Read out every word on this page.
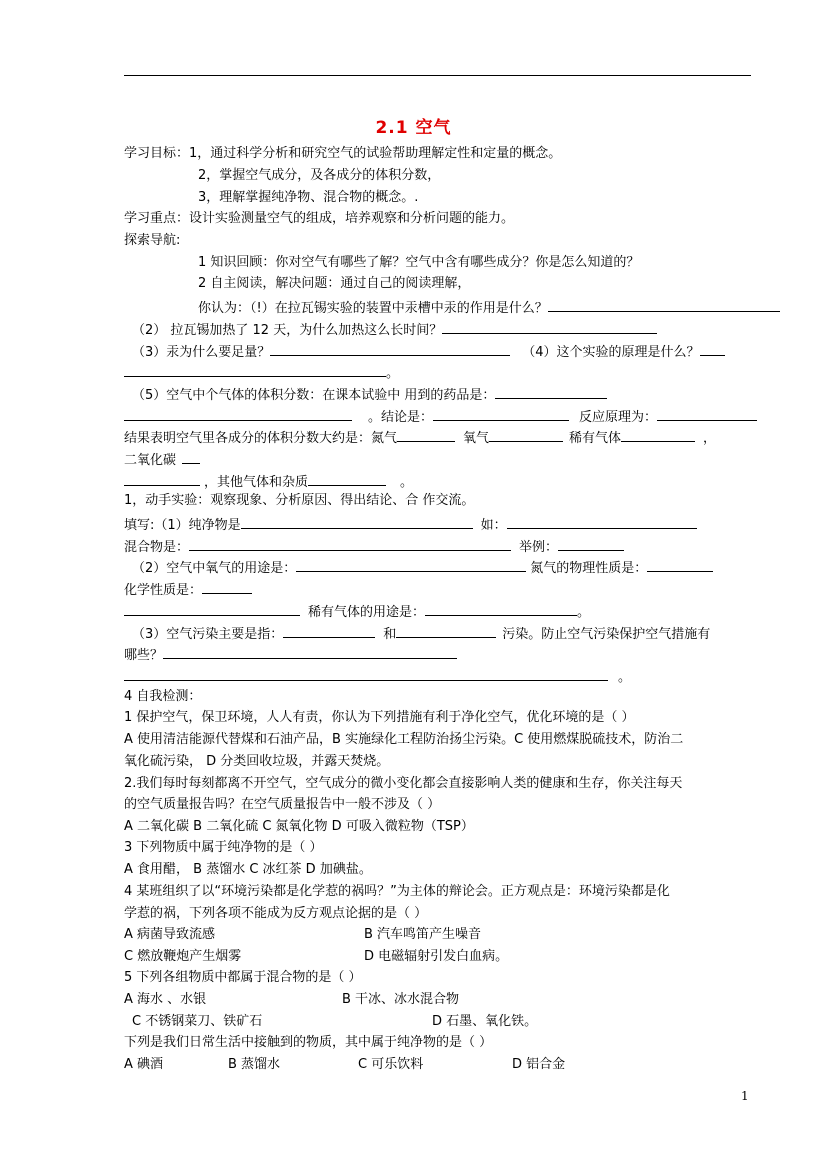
2.1 空气
学习目标：1，通过科学分析和研究空气的试验帮助理解定性和定量的概念。
2，掌握空气成分，及各成分的体积分数，
3，理解掌握纯净物、混合物的概念。.
学习重点：设计实验测量空气的组成，培养观察和分析问题的能力。
探索导航:
1 知识回顾：你对空气有哪些了解？空气中含有哪些成分？你是怎么知道的？
2 自主阅读，解决问题：通过自己的阅读理解，
你认为：（!）在拉瓦锡实验的装置中汞槽中汞的作用是什么？
（2） 拉瓦锡加热了 12 天，为什么加热这么长时间？
（3）汞为什么要足量？	（4）这个实验的原理是什么？
。
（5）空气中个气体的体积分数：在课本试验中 用到的药品是：
。结论是：	反应原理为：
结果表明空气里各成分的体积分数大约是：氮气	氧气	稀有气体	，
二氧化碳
，其他气体和杂质	。
1，动手实验：观察现象、分析原因、得出结论、合 作交流。
填写:（1）纯净物是	如：
混合物是：	举例：
（2）空气中氧气的用途是：	氮气的物理性质是：
化学性质是：
稀有气体的用途是：	。
（3）空气污染主要是指：	和	污染。防止空气污染保护空气措施有
哪些？
。
4 自我检测：
1 保护空气，保卫环境，人人有责，你认为下列措施有利于净化空气，优化环境的是（ ）
A 使用清洁能源代替煤和石油产品，B 实施绿化工程防治扬尘污染。C 使用燃煤脱硫技术，防治二
氧化硫污染， D 分类回收垃圾，并露天焚烧。
2.我们每时每刻都离不开空气，空气成分的微小变化都会直接影响人类的健康和生存，你关注每天
的空气质量报告吗？在空气质量报告中一般不涉及（ ）
A 二氧化碳 B 二氧化硫 C 氮氧化物 D 可吸入微粒物（TSP）
3 下列物质中属于纯净物的是（ ）
A 食用醋， B 蒸馏水 C 冰红茶 D 加碘盐。
4 某班组织了以“环境污染都是化学惹的祸吗？”为主体的辩论会。正方观点是：环境污染都是化
学惹的祸，下列各项不能成为反方观点论据的是（ ）
A 病菌导致流感	B 汽车鸣笛产生噪音
C 燃放鞭炮产生烟雾	D 电磁辐射引发白血病。
5 下列各组物质中都属于混合物的是（ ）
A 海水 、水银	B 干冰、冰水混合物
C 不锈钢菜刀、铁矿石	D 石墨、氧化铁。
下列是我们日常生活中接触到的物质，其中属于纯净物的是（ ）
A 碘酒	B 蒸馏水	C 可乐饮料	D 铝合金
1
